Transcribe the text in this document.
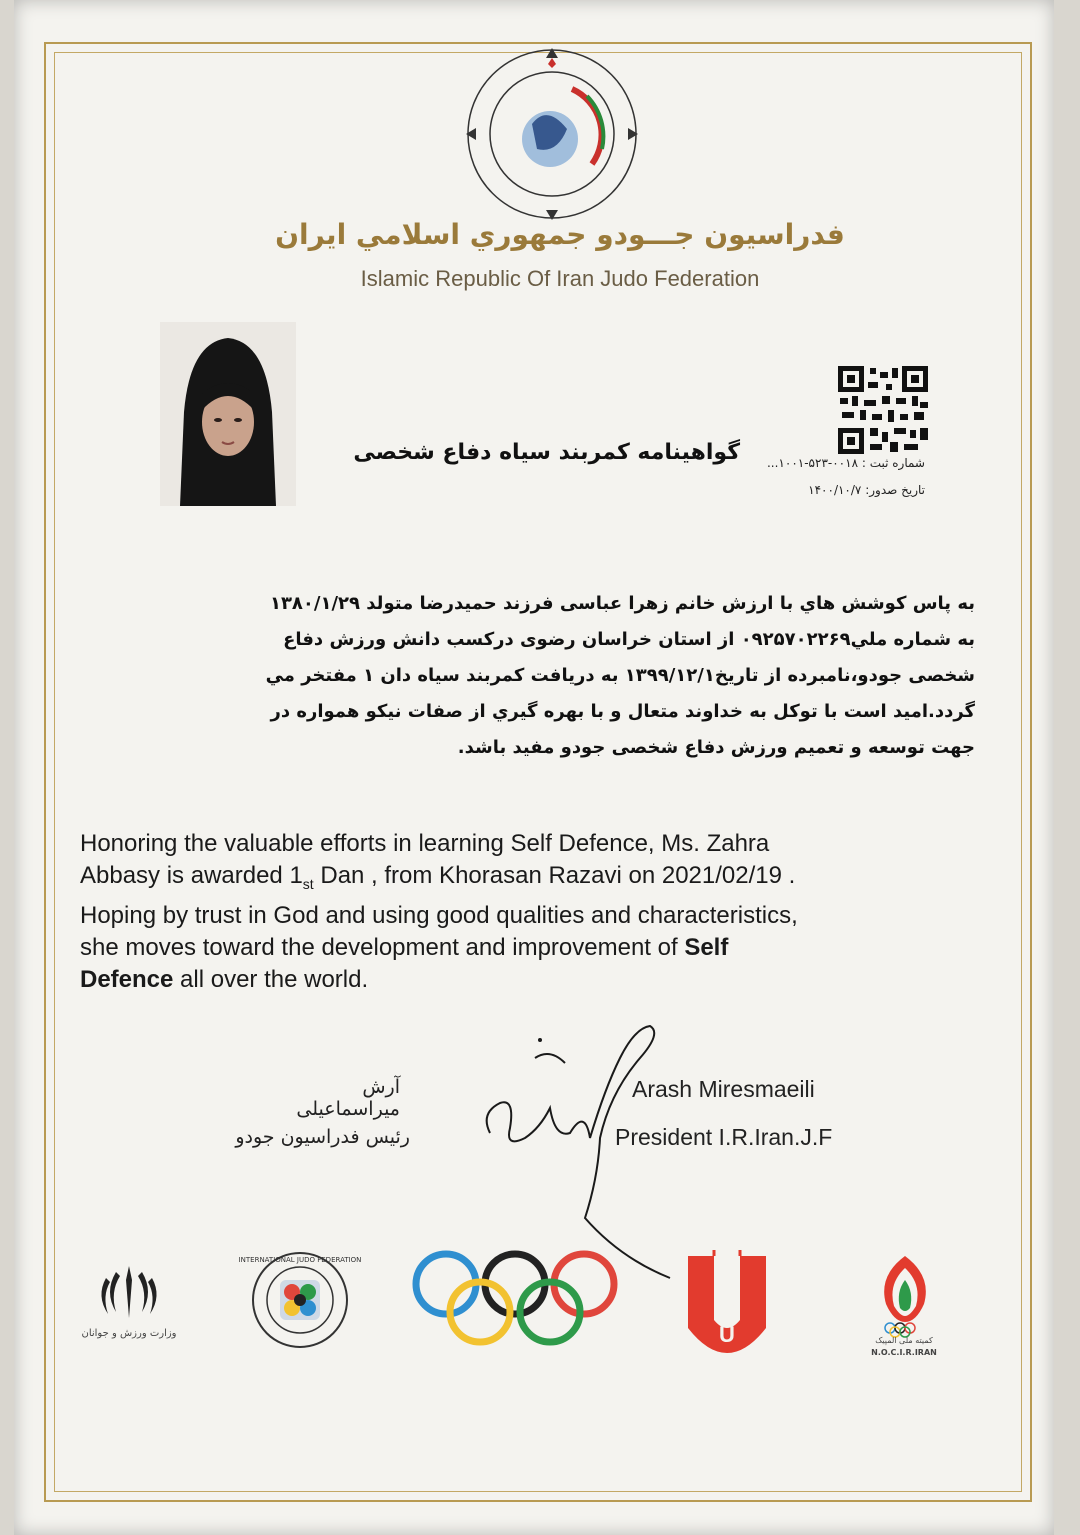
فدراسيون جـــودو جمهوري اسلامي ايران
Islamic Republic Of Iran Judo Federation
گواهینامه کمربند سیاه دفاع شخصی	شماره ثبت : ۰۰۱۸-۵۲۳-۱۰۰۱...
تاریخ صدور: ۱۴۰۰/۱۰/۷
به پاس كوشش هاي با ارزش خانم زهرا عباسی فرزند حميدرضا متولد ۱۳۸۰/۱/۲۹
به شماره ملي۰۹۲۵۷۰۲۲۶۹ از استان خراسان رضوی دركسب دانش ورزش دفاع
شخصی جودو،نامبرده از تاريخ۱۳۹۹/۱۲/۱ به دريافت كمربند سياه دان ۱ مفتخر مي
گردد.اميد است با توكل به خداوند متعال و با بهره گيري از صفات نيكو همواره در
جهت توسعه و تعميم ورزش دفاع شخصی جودو مفيد باشد.
Honoring the valuable efforts in learning Self Defence, Ms. Zahra
Abbasy is awarded $1_{st}$ Dan , from Khorasan Razavi on 2021/02/19 .
Hoping by trust in God and using good qualities and characteristics,
she moves toward the development and improvement of Self
Defence all over the world.
آرش میراسماعیلی
رئیس فدراسیون جودو
Arash Miresmaeili
President I.R.Iran.J.F
وزارت ورزش و جوانان
INTERNATIONAL JUDO FEDERATION
A
U	کمیته ملی المپیک
N.O.C.I.R.IRAN
